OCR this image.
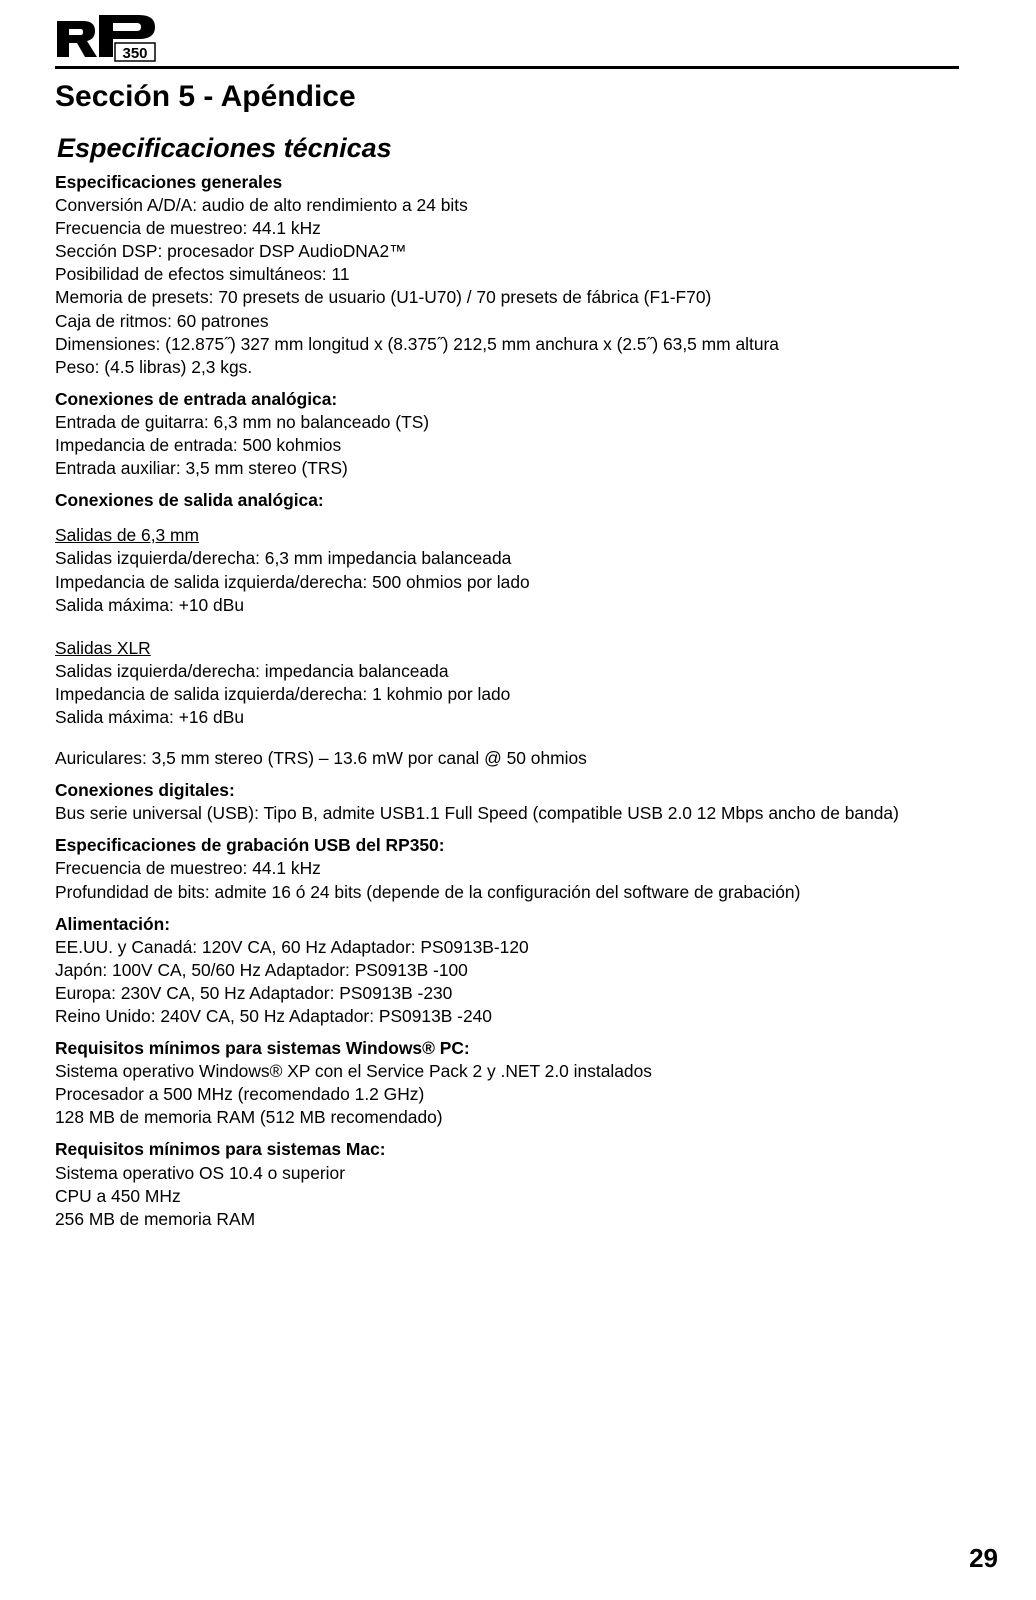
350
Sección 5 - Apéndice
Especificaciones técnicas
Especificaciones generales
Conversión A/D/A: audio de alto rendimiento a 24 bits
Frecuencia de muestreo: 44.1 kHz
Sección DSP: procesador DSP AudioDNA2™
Posibilidad de efectos simultáneos: 11
Memoria de presets: 70 presets de usuario (U1-U70) / 70 presets de fábrica (F1-F70)
Caja de ritmos: 60 patrones
Dimensiones: (12.875˝) 327 mm longitud x (8.375˝) 212,5 mm anchura x (2.5˝) 63,5 mm altura
Peso: (4.5 libras) 2,3 kgs.
Conexiones de entrada analógica:
Entrada de guitarra: 6,3 mm no balanceado (TS)
Impedancia de entrada: 500 kohmios
Entrada auxiliar: 3,5 mm stereo (TRS)
Conexiones de salida analógica:
Salidas de 6,3 mm
Salidas izquierda/derecha: 6,3 mm impedancia balanceada
Impedancia de salida izquierda/derecha: 500 ohmios por lado
Salida máxima: +10 dBu
Salidas XLR
Salidas izquierda/derecha: impedancia balanceada
Impedancia de salida izquierda/derecha: 1 kohmio por lado
Salida máxima: +16 dBu
Auriculares: 3,5 mm stereo (TRS) – 13.6 mW por canal @ 50 ohmios
Conexiones digitales:
Bus serie universal (USB): Tipo B, admite USB1.1 Full Speed (compatible USB 2.0 12 Mbps ancho de banda)
Especificaciones de grabación USB del RP350:
Frecuencia de muestreo: 44.1 kHz
Profundidad de bits: admite 16 ó 24 bits (depende de la configuración del software de grabación)
Alimentación:
EE.UU. y Canadá: 120V CA, 60 Hz Adaptador: PS0913B-120
Japón: 100V CA, 50/60 Hz Adaptador: PS0913B -100
Europa: 230V CA, 50 Hz Adaptador: PS0913B -230
Reino Unido: 240V CA, 50 Hz Adaptador: PS0913B -240
Requisitos mínimos para sistemas Windows® PC:
Sistema operativo Windows® XP con el Service Pack 2 y .NET 2.0 instalados
Procesador a 500 MHz (recomendado 1.2 GHz)
128 MB de memoria RAM (512 MB recomendado)
Requisitos mínimos para sistemas Mac:
Sistema operativo OS 10.4 o superior
CPU a 450 MHz
256 MB de memoria RAM
29
